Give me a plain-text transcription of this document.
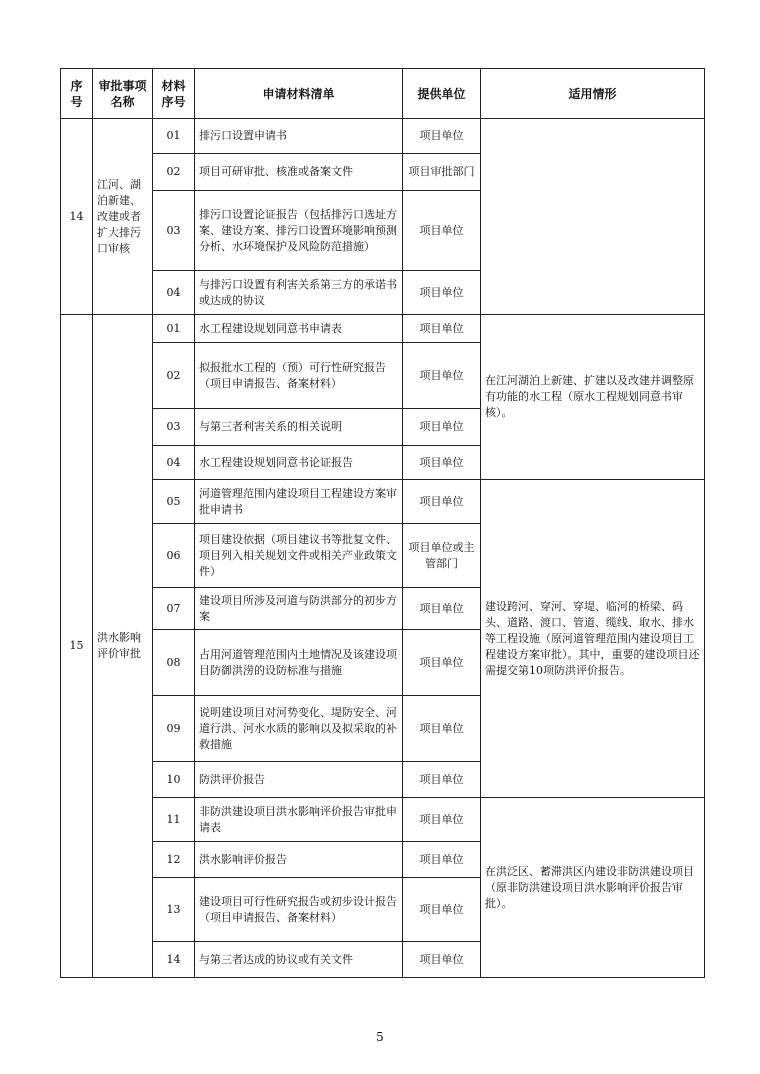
序号	审批事项名称	材料序号	申请材料清单	提供单位	适用情形
14	江河、湖泊新建、改建或者扩大排污口审核	01	排污口设置申请书	项目单位	
		02	项目可研审批、核准或备案文件	项目审批部门	
		03	排污口设置论证报告（包括排污口选址方案、建设方案、排污口设置环境影响预测分析、水环境保护及风险防范措施）	项目单位	
		04	与排污口设置有利害关系第三方的承诺书或达成的协议	项目单位	
15	洪水影响评价审批	01	水工程建设规划同意书申请表	项目单位	在江河湖泊上新建、扩建以及改建并调整原有功能的水工程（原水工程规划同意书审核）。
		02	拟报批水工程的（预）可行性研究报告（项目申请报告、备案材料）	项目单位	
		03	与第三者利害关系的相关说明	项目单位	
		04	水工程建设规划同意书论证报告	项目单位	
		05	河道管理范围内建设项目工程建设方案审批申请书	项目单位	建设跨河、穿河、穿堤、临河的桥梁、码头、道路、渡口、管道、缆线、取水、排水等工程设施（原河道管理范围内建设项目工程建设方案审批）。其中，重要的建设项目还需提交第10项防洪评价报告。
		06	项目建设依据（项目建议书等批复文件、项目列入相关规划文件或相关产业政策文件）	项目单位或主管部门	
		07	建设项目所涉及河道与防洪部分的初步方案	项目单位	
		08	占用河道管理范围内土地情况及该建设项目防御洪涝的设防标准与措施	项目单位	
		09	说明建设项目对河势变化、堤防安全、河道行洪、河水水质的影响以及拟采取的补救措施	项目单位	
		10	防洪评价报告	项目单位	
		11	非防洪建设项目洪水影响评价报告审批申请表	项目单位	在洪泛区、蓄滞洪区内建设非防洪建设项目（原非防洪建设项目洪水影响评价报告审批）。
		12	洪水影响评价报告	项目单位	
		13	建设项目可行性研究报告或初步设计报告（项目申请报告、备案材料）	项目单位	
		14	与第三者达成的协议或有关文件	项目单位	
5
